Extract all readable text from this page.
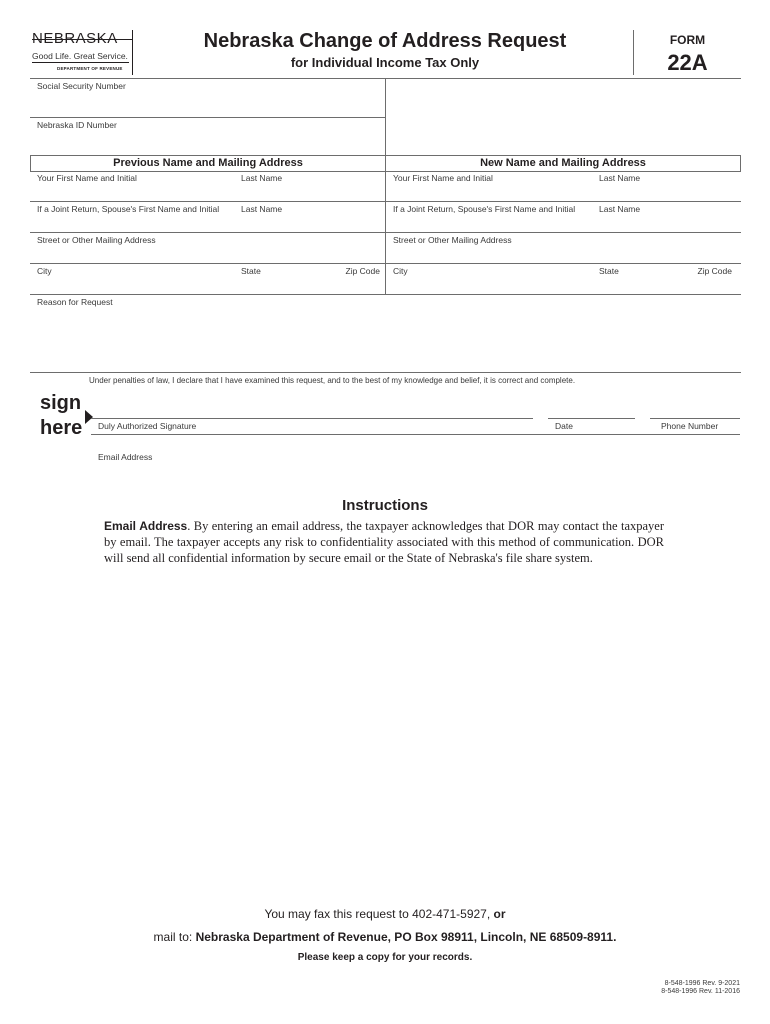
NEBRASKA
Good Life. Great Service.
DEPARTMENT OF REVENUE
Nebraska Change of Address Request
for Individual Income Tax Only
FORM
22A
Social Security Number
Nebraska ID Number
Previous Name and Mailing Address	New Name and Mailing Address
Your First Name and Initial	Last Name
If a Joint Return, Spouse's First Name and Initial	Last Name
Street or Other Mailing Address
City	State	Zip Code
Your First Name and Initial	Last Name
If a Joint Return, Spouse's First Name and Initial	Last Name
Street or Other Mailing Address
City	State	Zip Code
Reason for Request
Under penalties of law, I declare that I have examined this request, and to the best of my knowledge and belief, it is correct and complete.
sign
here Duly Authorized Signature	Date	Phone Number
Email Address
Instructions
Email Address. By entering an email address, the taxpayer acknowledges that DOR may contact the taxpayer by email. The taxpayer accepts any risk to confidentiality associated with this method of communication. DOR will send all confidential information by secure email or the State of Nebraska's file share system.
You may fax this request to 402-471-5927, or
mail to: Nebraska Department of Revenue, PO Box 98911, Lincoln, NE 68509-8911.
Please keep a copy for your records.
8-548-1996 Rev. 9-2021
8-548-1996 Rev. 11-2016
